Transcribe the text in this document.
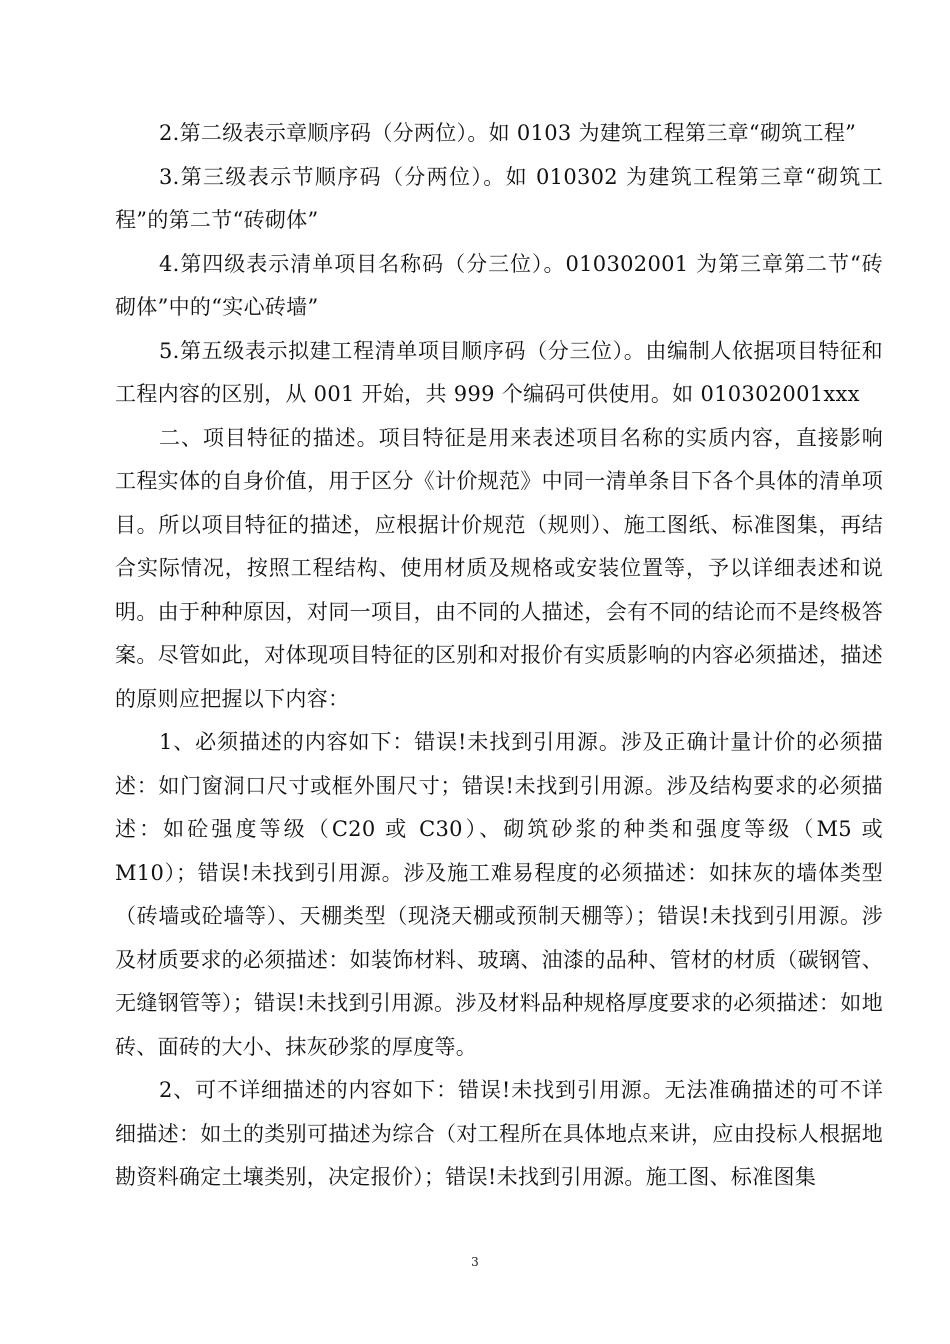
2.第二级表示章顺序码（分两位）。如 0103 为建筑工程第三章“砌筑工程”

3.第三级表示节顺序码（分两位）。如 010302 为建筑工程第三章“砌筑工程”的第二节“砖砌体”

4.第四级表示清单项目名称码（分三位）。010302001 为第三章第二节“砖砌体”中的“实心砖墙”

5.第五级表示拟建工程清单项目顺序码（分三位）。由编制人依据项目特征和工程内容的区别，从 001 开始，共 999 个编码可供使用。如 010302001xxx

二、项目特征的描述。项目特征是用来表述项目名称的实质内容，直接影响工程实体的自身价值，用于区分《计价规范》中同一清单条目下各个具体的清单项目。所以项目特征的描述，应根据计价规范（规则）、施工图纸、标准图集，再结合实际情况，按照工程结构、使用材质及规格或安装位置等，予以详细表述和说明。由于种种原因，对同一项目，由不同的人描述，会有不同的结论而不是终极答案。尽管如此，对体现项目特征的区别和对报价有实质影响的内容必须描述，描述的原则应把握以下内容：

1、必须描述的内容如下：错误!未找到引用源。涉及正确计量计价的必须描述：如门窗洞口尺寸或框外围尺寸；错误!未找到引用源。涉及结构要求的必须描述：如砼强度等级（C20 或 C30）、砌筑砂浆的种类和强度等级（M5 或 M10）；错误!未找到引用源。涉及施工难易程度的必须描述：如抹灰的墙体类型（砖墙或砼墙等）、天棚类型（现浇天棚或预制天棚等）；错误!未找到引用源。涉及材质要求的必须描述：如装饰材料、玻璃、油漆的品种、管材的材质（碳钢管、无缝钢管等）；错误!未找到引用源。涉及材料品种规格厚度要求的必须描述：如地砖、面砖的大小、抹灰砂浆的厚度等。

2、可不详细描述的内容如下：错误!未找到引用源。无法准确描述的可不详细描述：如土的类别可描述为综合（对工程所在具体地点来讲，应由投标人根据地勘资料确定土壤类别，决定报价）；错误!未找到引用源。施工图、标准图集

3
